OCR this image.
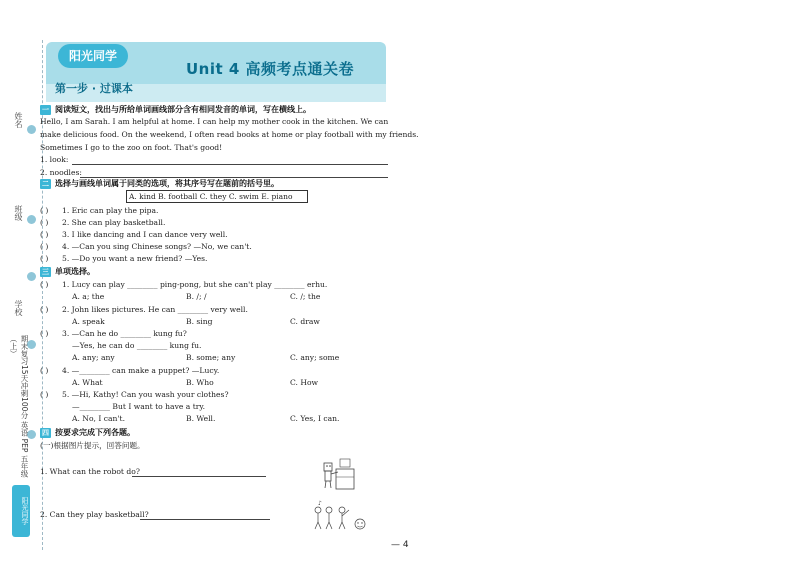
姓名
班级
学校
期末复习15天冲刺100分 英语 PEP 五年级（上）
阳光同学
阳光同学
第一步 · 过课本
Unit 4 高频考点通关卷
一 阅读短文，找出与所给单词画线部分含有相同发音的单词，写在横线上。
Hello, I am Sarah. I am helpful at home. I can help my mother cook in the kitchen. We can
make delicious food. On the weekend, I often read books at home or play football with my friends.
Sometimes I go to the zoo on foot. That's good!
1. look:
2. noodles:
二 选择与画线单词属于同类的选项，将其序号写在题前的括号里。
A. kind B. football C. they C. swim E. piano
( ) 1. Eric can play the pipa.
( ) 2. She can play basketball.
( ) 3. I like dancing and I can dance very well.
( ) 4. —Can you sing Chinese songs? —No, we can't.
( ) 5. —Do you want a new friend? —Yes.
三 单项选择。
( ) 1. Lucy can play ________ ping-pong, but she can't play ________ erhu.
A. a; the	B. /; /	C. /; the
( ) 2. John likes pictures. He can ________ very well.
A. speak	B. sing	C. draw
( ) 3. —Can he do ________ kung fu?
—Yes, he can do ________ kung fu.
A. any; any	B. some; any	C. any; some
( ) 4. —________ can make a puppet? —Lucy.
A. What	B. Who	C. How
( ) 5. —Hi, Kathy! Can you wash your clothes?
—________ But I want to have a try.
A. No, I can't.	B. Well.	C. Yes, I can.
四 按要求完成下列各题。
(一)根据图片提示，回答问题。
1. What can the robot do?
2. Can they play basketball?
♪
— 4
